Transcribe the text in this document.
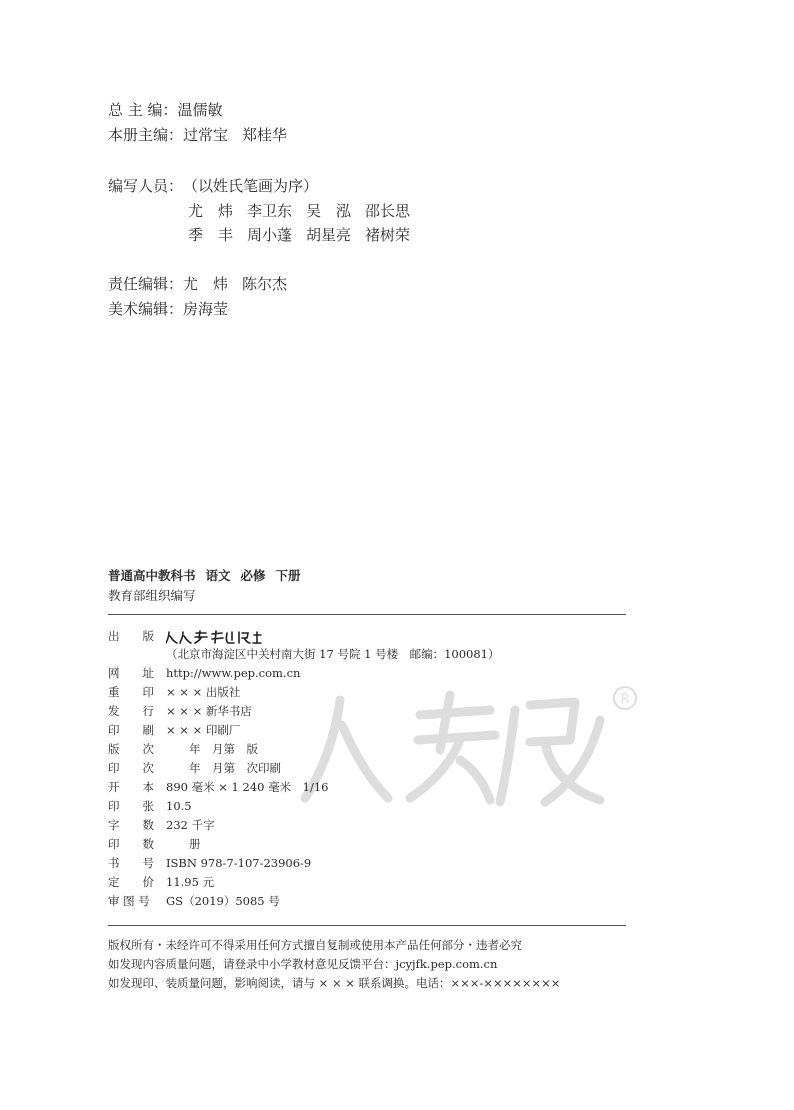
总 主 编：温儒敏
本册主编：过常宝 郑桂华
编写人员：（以姓氏笔画为序）
尤　炜 李卫东 吴　泓 邵长思
季　丰 周小蓬 胡星亮 褚树荣
责任编辑：尤　炜 陈尔杰
美术编辑：房海莹
R
普通高中教科书 语文 必修 下册
教育部组织编写
出　　版
（北京市海淀区中关村南大街 17 号院 1 号楼　邮编：100081）
网　　址 http://www.pep.com.cn
重　　印 × × × 出版社
发　　行 × × × 新华书店
印　　刷 × × × 印刷厂
版　　次 　　年　月第　版
印　　次 　　年　月第　次印刷
开　　本 890 毫米 × 1 240 毫米　1/16
印　　张 10.5
字　　数 232 千字
印　　数 　　册
书　　号 ISBN 978-7-107-23906-9
定　　价 11.95 元
审 图 号 GS（2019）5085 号
版权所有・未经许可不得采用任何方式擅自复制或使用本产品任何部分・违者必究
如发现内容质量问题，请登录中小学教材意见反馈平台：jcyjfk.pep.com.cn
如发现印、装质量问题，影响阅读，请与 × × × 联系调换。电话：×××-××××××××
